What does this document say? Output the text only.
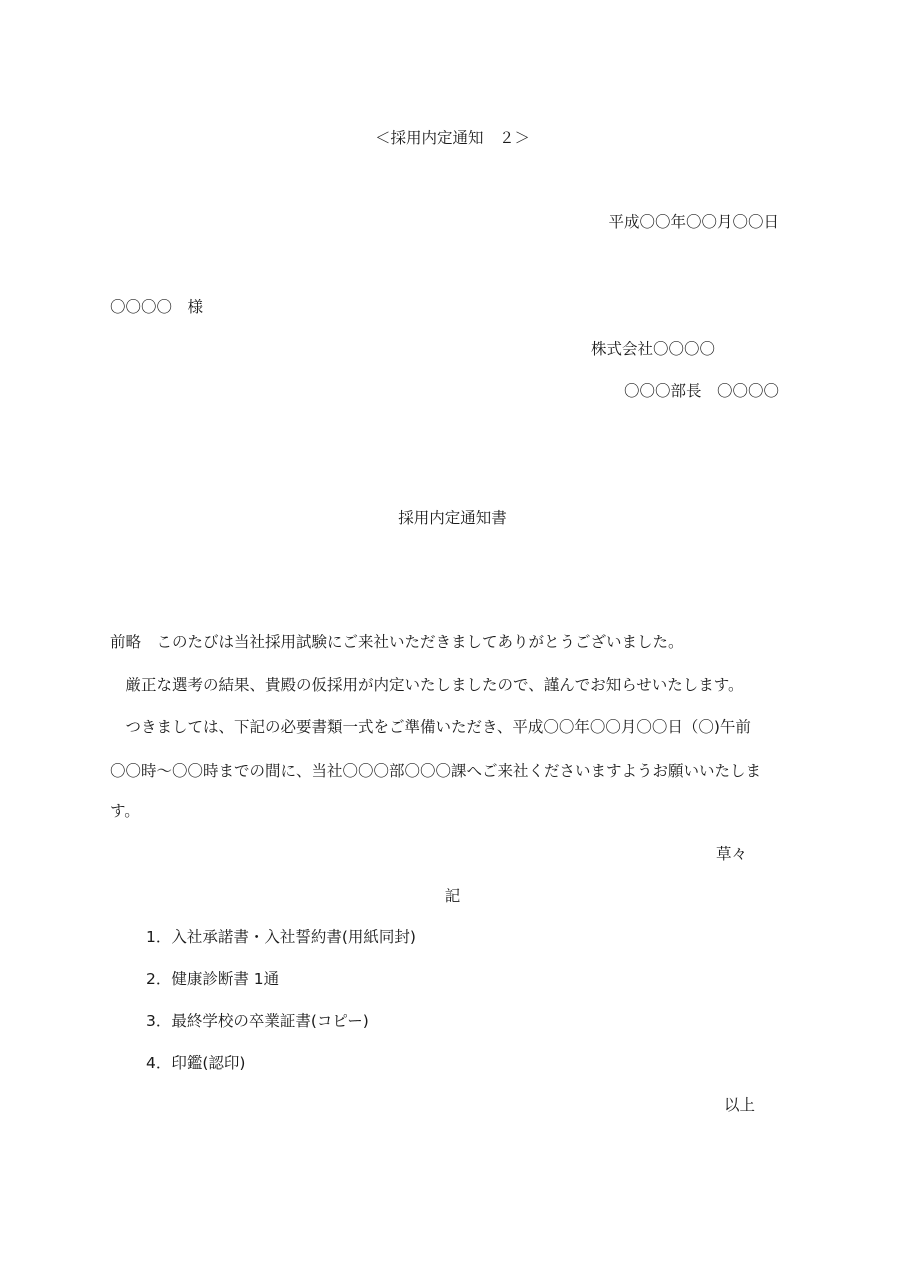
＜採用内定通知　２＞
平成〇〇年〇〇月〇〇日
〇〇〇〇　様
株式会社〇〇〇〇
〇〇〇部長　〇〇〇〇
採用内定通知書
前略　このたびは当社採用試験にご来社いただきましてありがとうございました。
　厳正な選考の結果、貴殿の仮採用が内定いたしましたので、謹んでお知らせいたします。
　つきましては、下記の必要書類一式をご準備いただき、平成〇〇年〇〇月〇〇日（〇)午前
〇〇時～〇〇時までの間に、当社〇〇〇部〇〇〇課へご来社くださいますようお願いいたしま
す。
草々
記
1．入社承諾書・入社誓約書(用紙同封)
2．健康診断書 1通
3．最終学校の卒業証書(コピー)
4．印鑑(認印)
以上
